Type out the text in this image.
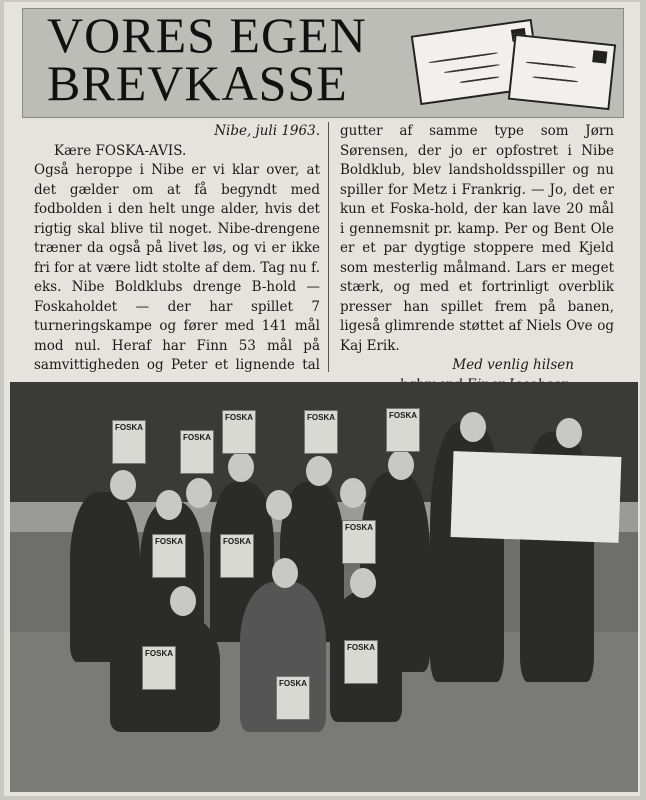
VORES EGEN
BREVKASSE

Nibe, juli 1963.

Kære FOSKA-AVIS.

Også heroppe i Nibe er vi klar over, at det gælder om at få begyndt med fodbolden i den helt unge alder, hvis det rigtig skal blive til noget. Nibe-drengene træner da også på livet løs, og vi er ikke fri for at være lidt stolte af dem. Tag nu f. eks. Nibe Boldklubs drenge B-hold — Foskaholdet — der har spillet 7 turneringskampe og fører med 141 mål mod nul. Heraf har Finn 53 mål på samvittigheden og Peter et lignende tal

gutter af samme type som Jørn Sørensen, der jo er opfostret i Nibe Boldklub, blev landsholdsspiller og nu spiller for Metz i Frankrig. — Jo, det er kun et Foska-hold, der kan lave 20 mål i gennemsnit pr. kamp. Per og Bent Ole er et par dygtige stoppere med Kjeld som mesterlig målmand. Lars er meget stærk, og med et fortrinligt overblik presser han spillet frem på banen, ligeså glimrende støttet af Niels Ove og Kaj Erik.

Med venlig hilsen

FOSKA
FOSKA
FOSKA	FOSKA	FOSKA
FOSKA	FOSKA
FOSKA
FOSKA
FOSKA
FOSKA
